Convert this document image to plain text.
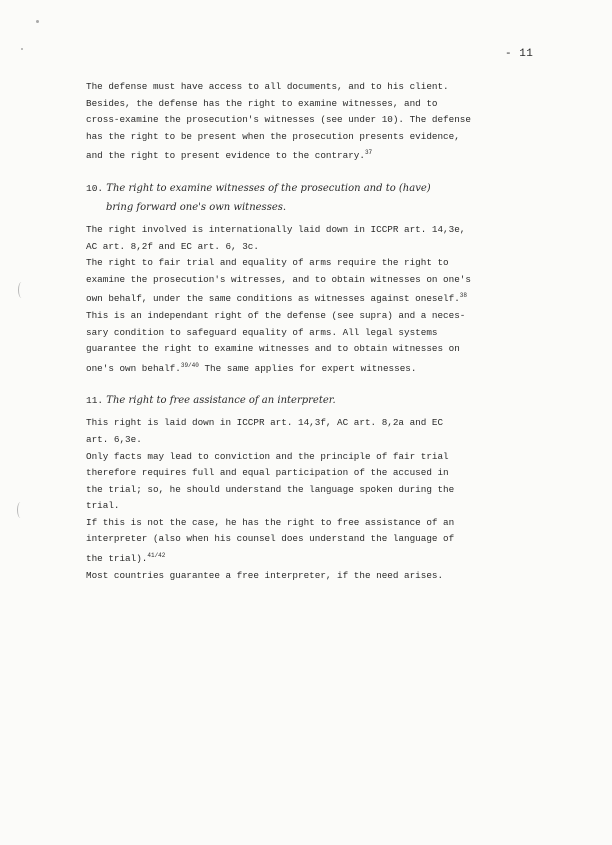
- 11

The defense must have access to all documents, and to his client.
Besides, the defense has the right to examine witnesses, and to
cross-examine the prosecution's witnesses (see under 10). The defense
has the right to be present when the prosecution presents evidence,
and the right to present evidence to the contrary.$^{37}$

10. The right to examine witnesses of the prosecution and to (have)
bring forward one's own witnesses.

The right involved is internationally laid down in ICCPR art. 14,3e,
AC art. 8,2f and EC art. 6, 3c.

The right to fair trial and equality of arms require the right to
examine the prosecution's witresses, and to obtain witnesses on one's
own behalf, under the same conditions as witnesses against oneself.$^{38}$

This is an independant right of the defense (see supra) and a neces-
sary condition to safeguard equality of arms. All legal systems
guarantee the right to examine witnesses and to obtain witnesses on
one's own behalf.$^{39/40}$ The same applies for expert witnesses.

11. The right to free assistance of an interpreter.

This right is laid down in ICCPR art. 14,3f, AC art. 8,2a and EC
art. 6,3e.

Only facts may lead to conviction and the principle of fair trial
therefore requires full and equal participation of the accused in
the trial; so, he should understand the language spoken during the
trial.

If this is not the case, he has the right to free assistance of an
interpreter (also when his counsel does understand the language of
the trial).$^{41/42}$

Most countries guarantee a free interpreter, if the need arises.
